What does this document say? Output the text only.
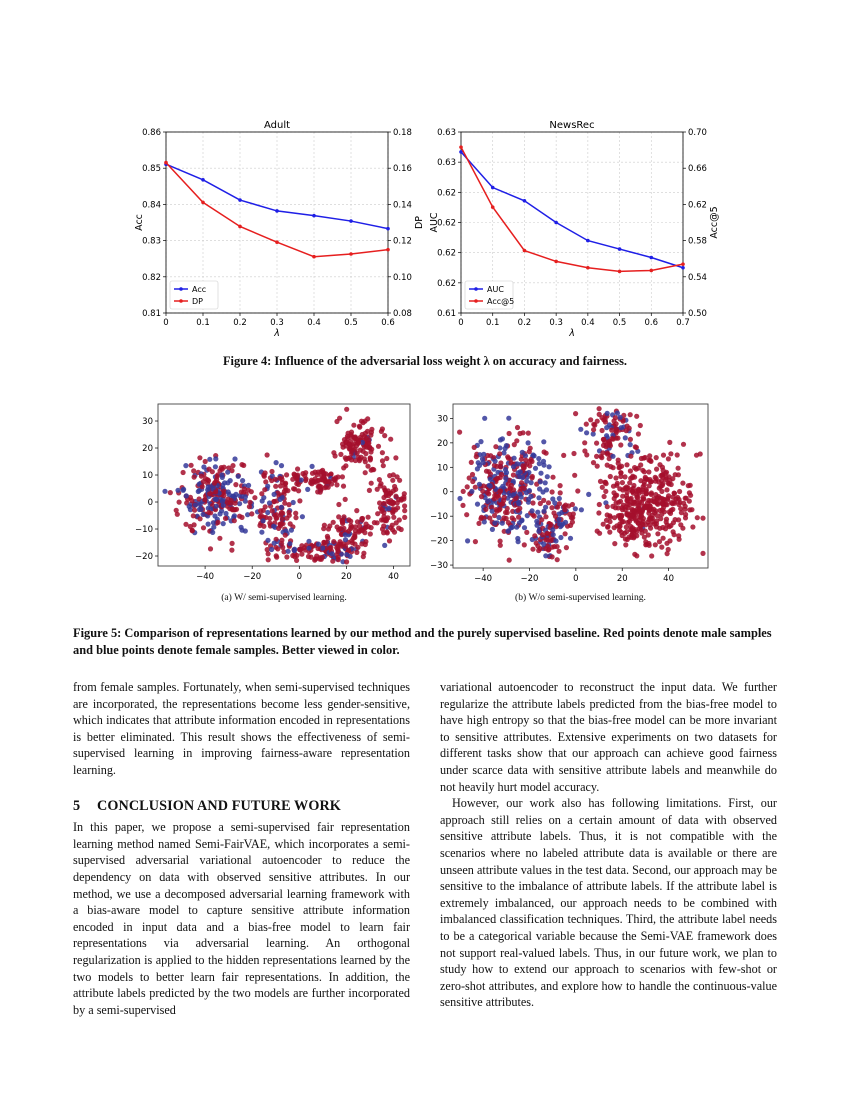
0	0.1	0.2	0.3	0.4	0.5	0.6
0.81
0.82
0.83
0.84
0.85
0.86
0.08
0.10
0.12
0.14
0.16
0.18
Adult
λ
Acc	DP
Acc
DP
0	0.1 0.2 0.3 0.4 0.5 0.6 0.7
0.61
0.62
0.62
0.62
0.62
0.63
0.63
0.50
0.54
0.58
0.62
0.66
0.70
NewsRec
λ
AUC	Acc@5
AUC
Acc@5
−40	−20	0	20	40
−20
−10
0
10
20
30
−40	−20	0	20	40
−30
−20
−10
0
10
20
30
Figure 4: Influence of the adversarial loss weight λ on accuracy and fairness.
(a) W/ semi-supervised learning.	(b) W/o semi-supervised learning.
Figure 5: Comparison of representations learned by our method and the purely supervised baseline. Red points denote male samples and blue points denote female samples. Better viewed in color.

from female samples. Fortunately, when semi-supervised techniques are incorporated, the representations become less gender-sensitive, which indicates that attribute information encoded in representations is better eliminated. This result shows the effectiveness of semi-supervised learning in improving fairness-aware representation learning.

5 CONCLUSION AND FUTURE WORK

In this paper, we propose a semi-supervised fair representation learning method named Semi-FairVAE, which incorporates a semi-supervised adversarial variational autoencoder to reduce the dependency on data with observed sensitive attributes. In our method, we use a decomposed adversarial learning framework with a bias-aware model to capture sensitive attribute information encoded in input data and a bias-free model to learn fair representations via adversarial learning. An orthogonal regularization is applied to the hidden representations learned by the two models to better learn fair representations. In addition, the attribute labels predicted by the two models are further incorporated by a semi-supervised

variational autoencoder to reconstruct the input data. We further regularize the attribute labels predicted from the bias-free model to have high entropy so that the bias-free model can be more invariant to sensitive attributes. Extensive experiments on two datasets for different tasks show that our approach can achieve good fairness under scarce data with sensitive attribute labels and meanwhile do not heavily hurt model accuracy.

However, our work also has following limitations. First, our approach still relies on a certain amount of data with observed sensitive attribute labels. Thus, it is not compatible with the scenarios where no labeled attribute data is available or there are unseen attribute values in the test data. Second, our approach may be sensitive to the imbalance of attribute labels. If the attribute label is extremely imbalanced, our approach needs to be combined with imbalanced classification techniques. Third, the attribute label needs to be a categorical variable because the Semi-VAE framework does not support real-valued labels. Thus, in our future work, we plan to study how to extend our approach to scenarios with few-shot or zero-shot attributes, and explore how to handle the continuous-value sensitive attributes.
